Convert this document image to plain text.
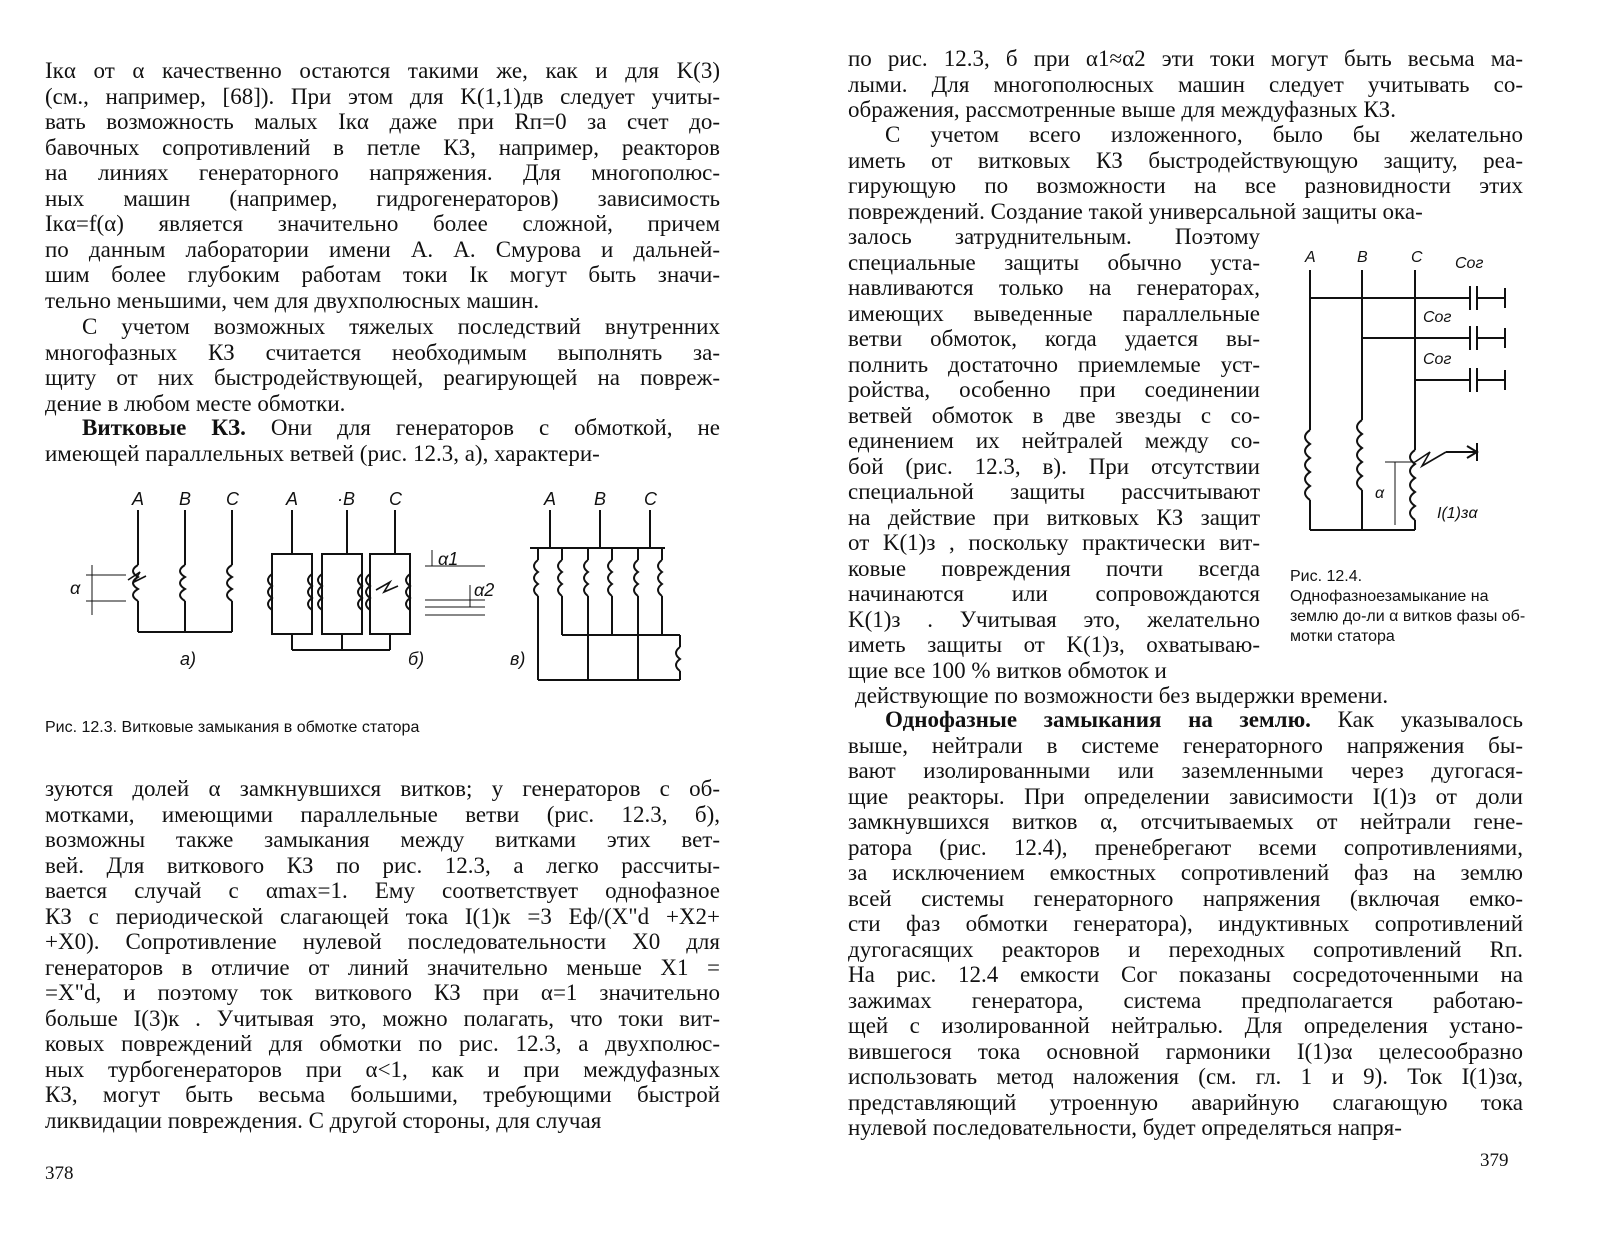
Iкα от α качественно остаются такими же, как и для K(3)
(см., например, [68]). При этом для K(1,1)дв следует учиты-
вать возможность малых Iкα даже при Rп=0 за счет до-
бавочных сопротивлений в петле КЗ, например, реакторов
на линиях генераторного напряжения. Для многополюс-
ных машин (например, гидрогенераторов) зависимость
Iкα=f(α) является значительно более сложной, причем
по данным лаборатории имени А. А. Смурова и дальней-
шим более глубоким работам токи Iк могут быть значи-
тельно меньшими, чем для двухполюсных машин.
С учетом возможных тяжелых последствий внутренних
многофазных КЗ считается необходимым выполнять за-
щиту от них быстродействующей, реагирующей на повреж-
дение в любом месте обмотки.
Витковые КЗ. Они для генераторов с обмоткой, не
имеющей параллельных ветвей (рис. 12.3, а), характери-
A B C
α
а)
A ·B C
α1
α2
б)
A B C
в)
Рис. 12.3. Витковые замыкания в обмотке статора
зуются долей α замкнувшихся витков; у генераторов с об-
мотками, имеющими параллельные ветви (рис. 12.3, б),
возможны также замыкания между витками этих вет-
вей. Для виткового КЗ по рис. 12.3, а легко рассчиты-
вается случай с αmax=1. Ему соответствует однофазное
КЗ с периодической слагающей тока I(1)к =3 Eф/(X"d +X2+
+X0). Сопротивление нулевой последовательности X0 для
генераторов в отличие от линий значительно меньше X1 =
=X"d, и поэтому ток виткового КЗ при α=1 значительно
больше I(3)к . Учитывая это, можно полагать, что токи вит-
ковых повреждений для обмотки по рис. 12.3, а двухполюс-
ных турбогенераторов при α<1, как и при междуфазных
КЗ, могут быть весьма большими, требующими быстрой
ликвидации повреждения. С другой стороны, для случая
378
по рис. 12.3, б при α1≈α2 эти токи могут быть весьма ма-
лыми. Для многополюсных машин следует учитывать со-
ображения, рассмотренные выше для междуфазных КЗ.
С учетом всего изложенного, было бы желательно
иметь от витковых КЗ быстродействующую защиту, реа-
гирующую по возможности на все разновидности этих
повреждений. Создание такой универсальной защиты ока-
залось затруднительным. Поэтому
специальные защиты обычно уста-
навливаются только на генераторах,
имеющих выведенные параллельные
ветви обмоток, когда удается вы-
полнить достаточно приемлемые уст-
ройства, особенно при соединении
ветвей обмоток в две звезды с со-
единением их нейтралей между со-
бой (рис. 12.3, в). При отсутствии
специальной защиты рассчитывают
на действие при витковых КЗ защит
от K(1)з , поскольку практически вит-
ковые повреждения почти всегда
начинаются или сопровождаются
K(1)з . Учитывая это, желательно
иметь защиты от K(1)з, охватываю-
щие все 100 % витков обмоток и
действующие по возможности без выдержки времени.
A	B	C Cог
Cог
Cог
α
I(1)зα
Рис. 12.4. Однофазноезамыкание на землю до-ли α витков фазы об-мотки статора
Однофазные замыкания на землю. Как указывалось
выше, нейтрали в системе генераторного напряжения бы-
вают изолированными или заземленными через дугогася-
щие реакторы. При определении зависимости I(1)з от доли
замкнувшихся витков α, отсчитываемых от нейтрали гене-
ратора (рис. 12.4), пренебрегают всеми сопротивлениями,
за исключением емкостных сопротивлений фаз на землю
всей системы генераторного напряжения (включая емко-
сти фаз обмотки генератора), индуктивных сопротивлений
дугогасящих реакторов и переходных сопротивлений Rп.
На рис. 12.4 емкости Cог показаны сосредоточенными на
зажимах генератора, система предполагается работаю-
щей с изолированной нейтралью. Для определения устано-
вившегося тока основной гармоники I(1)зα целесообразно
использовать метод наложения (см. гл. 1 и 9). Ток I(1)зα,
представляющий утроенную аварийную слагающую тока
нулевой последовательности, будет определяться напря-
379
